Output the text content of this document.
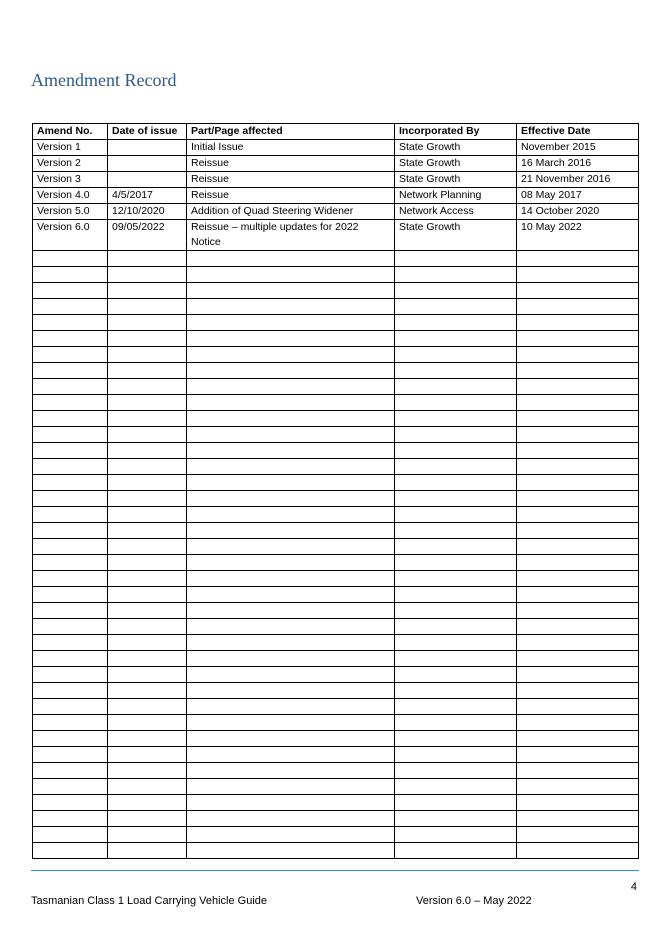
Amendment Record
Amend No.	Date of issue	Part/Page affected	Incorporated By	Effective Date
Version 1		Initial Issue	State Growth	November 2015
Version 2		Reissue	State Growth	16 March 2016
Version 3		Reissue	State Growth	21 November 2016
Version 4.0	4/5/2017	Reissue	Network Planning	08 May 2017
Version 5.0	12/10/2020	Addition of Quad Steering Widener	Network Access	14 October 2020
Version 6.0	09/05/2022	Reissue – multiple updates for 2022 Notice	State Growth	10 May 2022

4
Tasmanian Class 1 Load Carrying Vehicle Guide	Version 6.0 – May 2022
